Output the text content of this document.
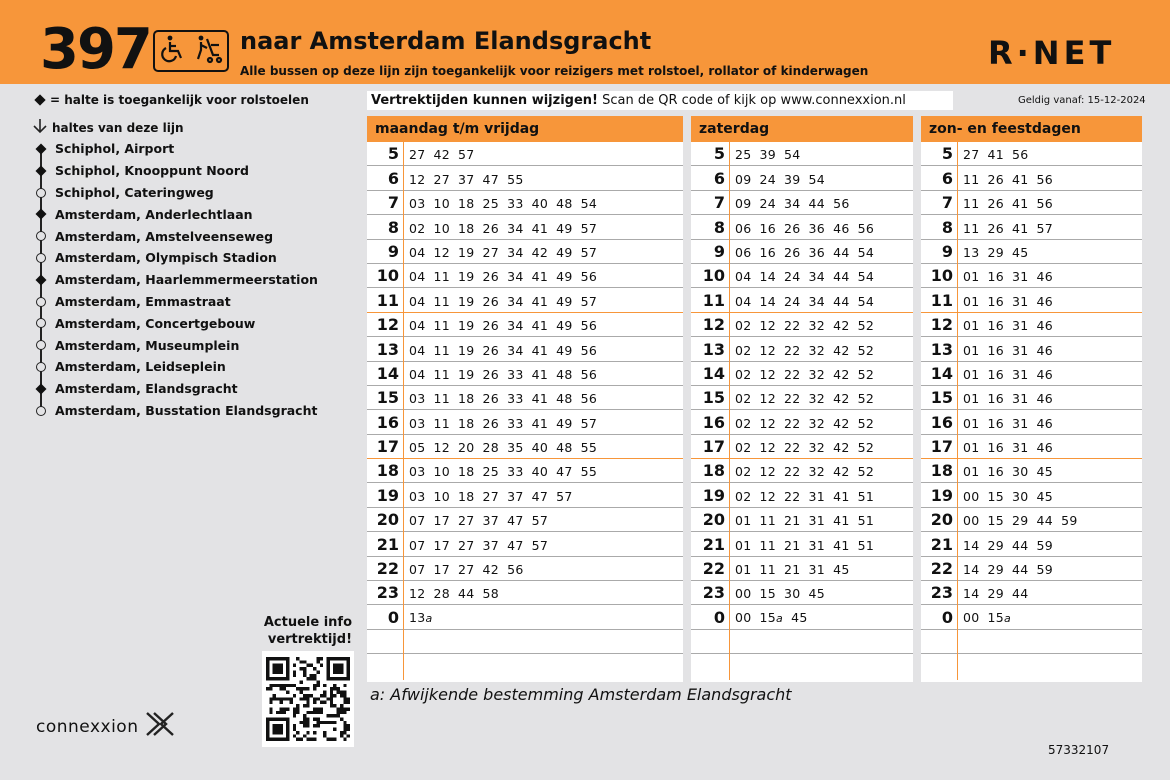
397	naar Amsterdam Elandsgracht
Alle bussen op deze lijn zijn toegankelijk voor reizigers met rolstoel, rollator of kinderwagen	R·NET
= halte is toegankelijk voor rolstoelen
haltes van deze lijn
Schiphol, Airport
Schiphol, Knooppunt Noord
Schiphol, Cateringweg
Amsterdam, Anderlechtlaan
Amsterdam, Amstelveenseweg
Amsterdam, Olympisch Stadion
Amsterdam, Haarlemmermeerstation
Amsterdam, Emmastraat
Amsterdam, Concertgebouw
Amsterdam, Museumplein
Amsterdam, Leidseplein
Amsterdam, Elandsgracht
Amsterdam, Busstation Elandsgracht
Vertrektijden kunnen wijzigen! Scan de QR code of kijk op www.connexxion.nl	Geldig vanaf: 15-12-2024
maandag t/m vrijdag
5 27 42 57
6 12 27 37 47 55
7 03 10 18 25 33 40 48 54
8 02 10 18 26 34 41 49 57
9 04 12 19 27 34 42 49 57
10 04 11 19 26 34 41 49 56
11 04 11 19 26 34 41 49 57
12 04 11 19 26 34 41 49 56
13 04 11 19 26 34 41 49 56
14 04 11 19 26 33 41 48 56
15 03 11 18 26 33 41 48 56
16 03 11 18 26 33 41 49 57
17 05 12 20 28 35 40 48 55
18 03 10 18 25 33 40 47 55
19 03 10 18 27 37 47 57
20 07 17 27 37 47 57
21 07 17 27 37 47 57
22 07 17 27 42 56
23 12 28 44 58
0 13a
zaterdag
5 25 39 54
6 09 24 39 54
7 09 24 34 44 56
8 06 16 26 36 46 56
9 06 16 26 36 44 54
10 04 14 24 34 44 54
11 04 14 24 34 44 54
12 02 12 22 32 42 52
13 02 12 22 32 42 52
14 02 12 22 32 42 52
15 02 12 22 32 42 52
16 02 12 22 32 42 52
17 02 12 22 32 42 52
18 02 12 22 32 42 52
19 02 12 22 31 41 51
20 01 11 21 31 41 51
21 01 11 21 31 41 51
22 01 11 21 31 45
23 00 15 30 45
0 00 15a 45
zon- en feestdagen
5 27 41 56
6 11 26 41 56
7 11 26 41 56
8 11 26 41 57
9 13 29 45
10 01 16 31 46
11 01 16 31 46
12 01 16 31 46
13 01 16 31 46
14 01 16 31 46
15 01 16 31 46
16 01 16 31 46
17 01 16 31 46
18 01 16 30 45
19 00 15 30 45
20 00 15 29 44 59
21 14 29 44 59
22 14 29 44 59
23 14 29 44
0 00 15a
a: Afwijkende bestemming Amsterdam Elandsgracht
Actuele info vertrektijd!
connexxion
57332107
